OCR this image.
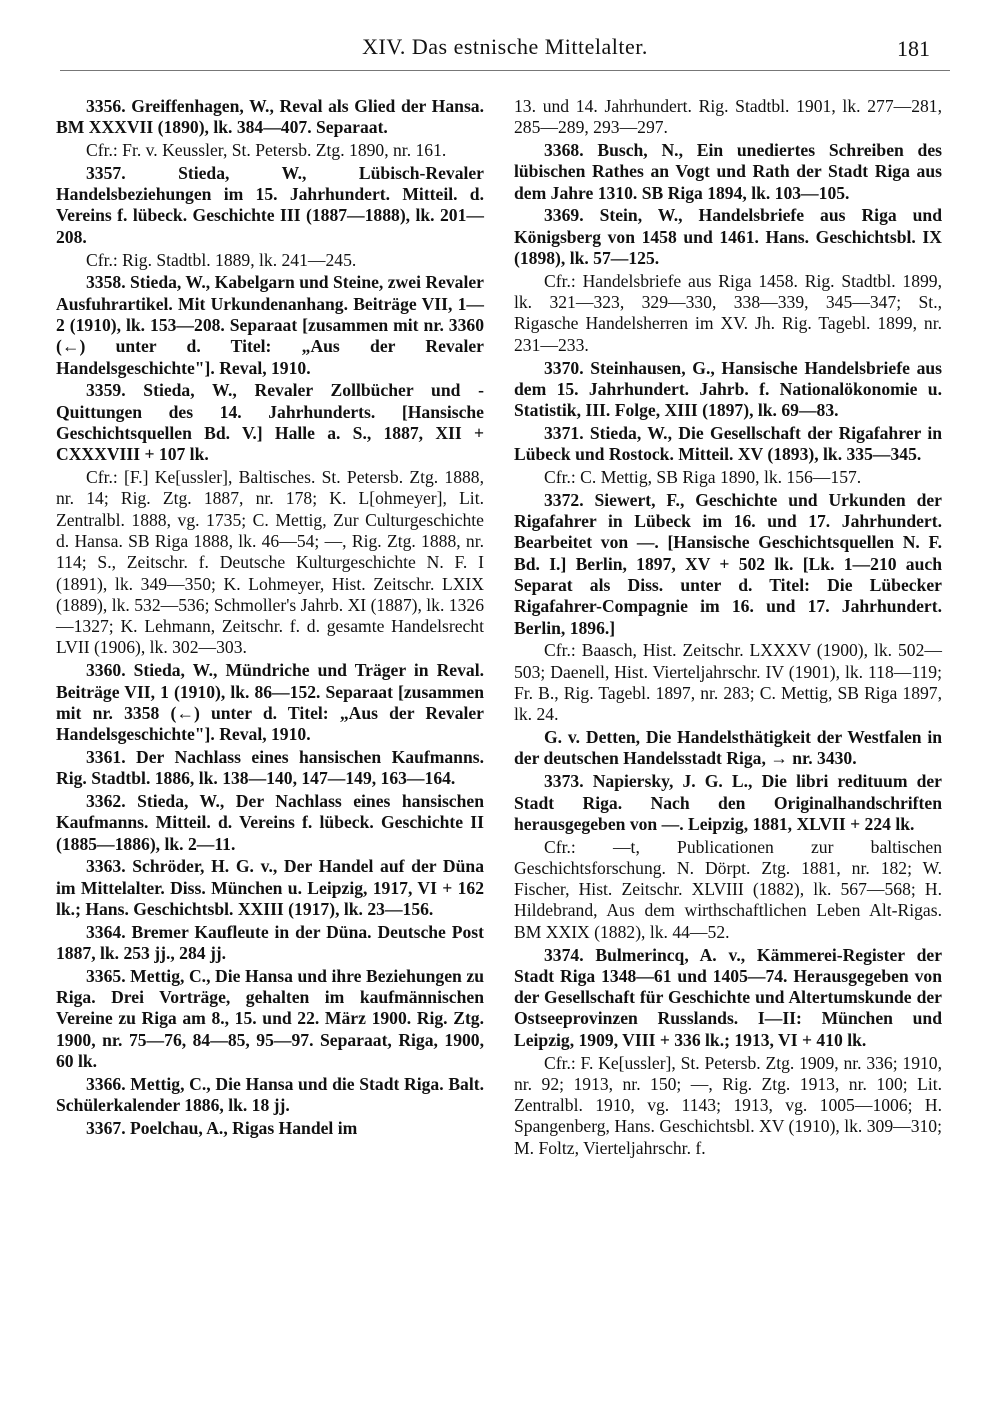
XIV. Das estnische Mittelalter.	181

3356. Greiffenhagen, W., Reval als Glied der Hansa. BM XXXVII (1890), lk. 384—407. Separaat.

Cfr.: Fr. v. Keussler, St. Petersb. Ztg. 1890, nr. 161.

3357. Stieda, W., Lübisch-Revaler Handelsbeziehungen im 15. Jahrhundert. Mitteil. d. Vereins f. lübeck. Geschichte III (1887—1888), lk. 201—208.

Cfr.: Rig. Stadtbl. 1889, lk. 241—245.

3358. Stieda, W., Kabelgarn und Steine, zwei Revaler Ausfuhrartikel. Mit Urkundenanhang. Beiträge VII, 1—2 (1910), lk. 153—208. Separaat [zusammen mit nr. 3360 (←) unter d. Titel: „Aus der Revaler Handelsgeschichte"]. Reval, 1910.

3359. Stieda, W., Revaler Zollbücher und -Quittungen des 14. Jahrhunderts. [Hansische Geschichtsquellen Bd. V.] Halle a. S., 1887, XII + CXXXVIII + 107 lk.

Cfr.: [F.] Ke[ussler], Baltisches. St. Petersb. Ztg. 1888, nr. 14; Rig. Ztg. 1887, nr. 178; K. L[ohmeyer], Lit. Zentralbl. 1888, vg. 1735; C. Mettig, Zur Culturgeschichte d. Hansa. SB Riga 1888, lk. 46—54; —, Rig. Ztg. 1888, nr. 114; S., Zeitschr. f. Deutsche Kulturgeschichte N. F. I (1891), lk. 349—350; K. Lohmeyer, Hist. Zeitschr. LXIX (1889), lk. 532—536; Schmoller's Jahrb. XI (1887), lk. 1326—1327; K. Lehmann, Zeitschr. f. d. gesamte Handelsrecht LVII (1906), lk. 302—303.

3360. Stieda, W., Mündriche und Träger in Reval. Beiträge VII, 1 (1910), lk. 86—152. Separaat [zusammen mit nr. 3358 (←) unter d. Titel: „Aus der Revaler Handelsgeschichte"]. Reval, 1910.

3361. Der Nachlass eines hansischen Kaufmanns. Rig. Stadtbl. 1886, lk. 138—140, 147—149, 163—164.

3362. Stieda, W., Der Nachlass eines hansischen Kaufmanns. Mitteil. d. Vereins f. lübeck. Geschichte II (1885—1886), lk. 2—11.

3363. Schröder, H. G. v., Der Handel auf der Düna im Mittelalter. Diss. München u. Leipzig, 1917, VI + 162 lk.; Hans. Geschichtsbl. XXIII (1917), lk. 23—156.

3364. Bremer Kaufleute in der Düna. Deutsche Post 1887, lk. 253 jj., 284 jj.

3365. Mettig, C., Die Hansa und ihre Beziehungen zu Riga. Drei Vorträge, gehalten im kaufmännischen Vereine zu Riga am 8., 15. und 22. März 1900. Rig. Ztg. 1900, nr. 75—76, 84—85, 95—97. Separaat, Riga, 1900, 60 lk.

3366. Mettig, C., Die Hansa und die Stadt Riga. Balt. Schülerkalender 1886, lk. 18 jj.

3367. Poelchau, A., Rigas Handel im

13. und 14. Jahrhundert. Rig. Stadtbl. 1901, lk. 277—281, 285—289, 293—297.

3368. Busch, N., Ein unediertes Schreiben des lübischen Rathes an Vogt und Rath der Stadt Riga aus dem Jahre 1310. SB Riga 1894, lk. 103—105.

3369. Stein, W., Handelsbriefe aus Riga und Königsberg von 1458 und 1461. Hans. Geschichtsbl. IX (1898), lk. 57—125.

Cfr.: Handelsbriefe aus Riga 1458. Rig. Stadtbl. 1899, lk. 321—323, 329—330, 338—339, 345—347; St., Rigasche Handelsherren im XV. Jh. Rig. Tagebl. 1899, nr. 231—233.

3370. Steinhausen, G., Hansische Handelsbriefe aus dem 15. Jahrhundert. Jahrb. f. Nationalökonomie u. Statistik, III. Folge, XIII (1897), lk. 69—83.

3371. Stieda, W., Die Gesellschaft der Rigafahrer in Lübeck und Rostock. Mitteil. XV (1893), lk. 335—345.

Cfr.: C. Mettig, SB Riga 1890, lk. 156—157.

3372. Siewert, F., Geschichte und Urkunden der Rigafahrer in Lübeck im 16. und 17. Jahrhundert. Bearbeitet von —. [Hansische Geschichtsquellen N. F. Bd. I.] Berlin, 1897, XV + 502 lk. [Lk. 1—210 auch Separat als Diss. unter d. Titel: Die Lübecker Rigafahrer-Compagnie im 16. und 17. Jahrhundert. Berlin, 1896.]

Cfr.: Baasch, Hist. Zeitschr. LXXXV (1900), lk. 502—503; Daenell, Hist. Vierteljahrschr. IV (1901), lk. 118—119; Fr. B., Rig. Tagebl. 1897, nr. 283; C. Mettig, SB Riga 1897, lk. 24.

G. v. Detten, Die Handelsthätigkeit der Westfalen in der deutschen Handelsstadt Riga, → nr. 3430.

3373. Napiersky, J. G. L., Die libri redituum der Stadt Riga. Nach den Originalhandschriften herausgegeben von —. Leipzig, 1881, XLVII + 224 lk.

Cfr.: —t, Publicationen zur baltischen Geschichtsforschung. N. Dörpt. Ztg. 1881, nr. 182; W. Fischer, Hist. Zeitschr. XLVIII (1882), lk. 567—568; H. Hildebrand, Aus dem wirthschaftlichen Leben Alt-Rigas. BM XXIX (1882), lk. 44—52.

3374. Bulmerincq, A. v., Kämmerei-Register der Stadt Riga 1348—61 und 1405—74. Herausgegeben von der Gesellschaft für Geschichte und Altertumskunde der Ostseeprovinzen Russlands. I—II: München und Leipzig, 1909, VIII + 336 lk.; 1913, VI + 410 lk.

Cfr.: F. Ke[ussler], St. Petersb. Ztg. 1909, nr. 336; 1910, nr. 92; 1913, nr. 150; —, Rig. Ztg. 1913, nr. 100; Lit. Zentralbl. 1910, vg. 1143; 1913, vg. 1005—1006; H. Spangenberg, Hans. Geschichtsbl. XV (1910), lk. 309—310; M. Foltz, Vierteljahrschr. f.
